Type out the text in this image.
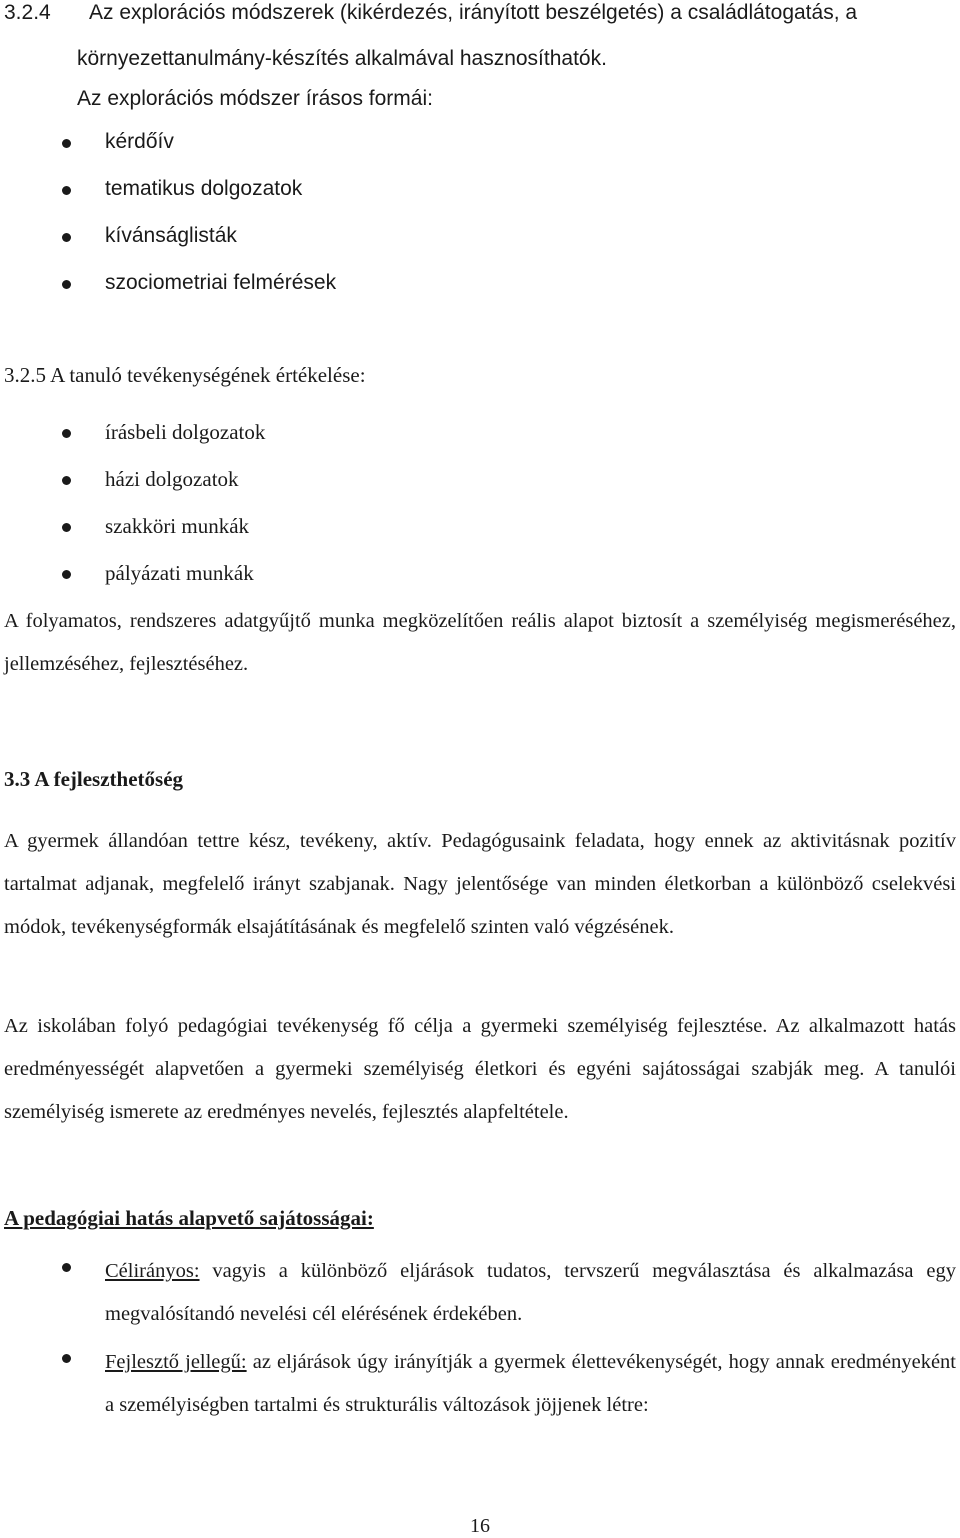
3.2.4 Az explorációs módszerek (kikérdezés, irányított beszélgetés) a családlátogatás, a
környezettanulmány-készítés alkalmával hasznosíthatók.
Az explorációs módszer írásos formái:
kérdőív
tematikus dolgozatok
kívánságlisták
szociometriai felmérések
3.2.5 A tanuló tevékenységének értékelése:
írásbeli dolgozatok
házi dolgozatok
szakköri munkák
pályázati munkák

A folyamatos, rendszeres adatgyűjtő munka megközelítően reális alapot biztosít a személyiség megismeréséhez, jellemzéséhez, fejlesztéséhez.

3.3 A fejleszthetőség

A gyermek állandóan tettre kész, tevékeny, aktív. Pedagógusaink feladata, hogy ennek az aktivitásnak pozitív tartalmat adjanak, megfelelő irányt szabjanak. Nagy jelentősége van minden életkorban a különböző cselekvési módok, tevékenységformák elsajátításának és megfelelő szinten való végzésének.

Az iskolában folyó pedagógiai tevékenység fő célja a gyermeki személyiség fejlesztése. Az alkalmazott hatás eredményességét alapvetően a gyermeki személyiség életkori és egyéni sajátosságai szabják meg. A tanulói személyiség ismerete az eredményes nevelés, fejlesztés alapfeltétele.

A pedagógiai hatás alapvető sajátosságai:
Célirányos: vagyis a különböző eljárások tudatos, tervszerű megválasztása és alkalmazása egy megvalósítandó nevelési cél elérésének érdekében.
Fejlesztő jellegű: az eljárások úgy irányítják a gyermek élettevékenységét, hogy annak eredményeként a személyiségben tartalmi és strukturális változások jöjjenek létre:
16
